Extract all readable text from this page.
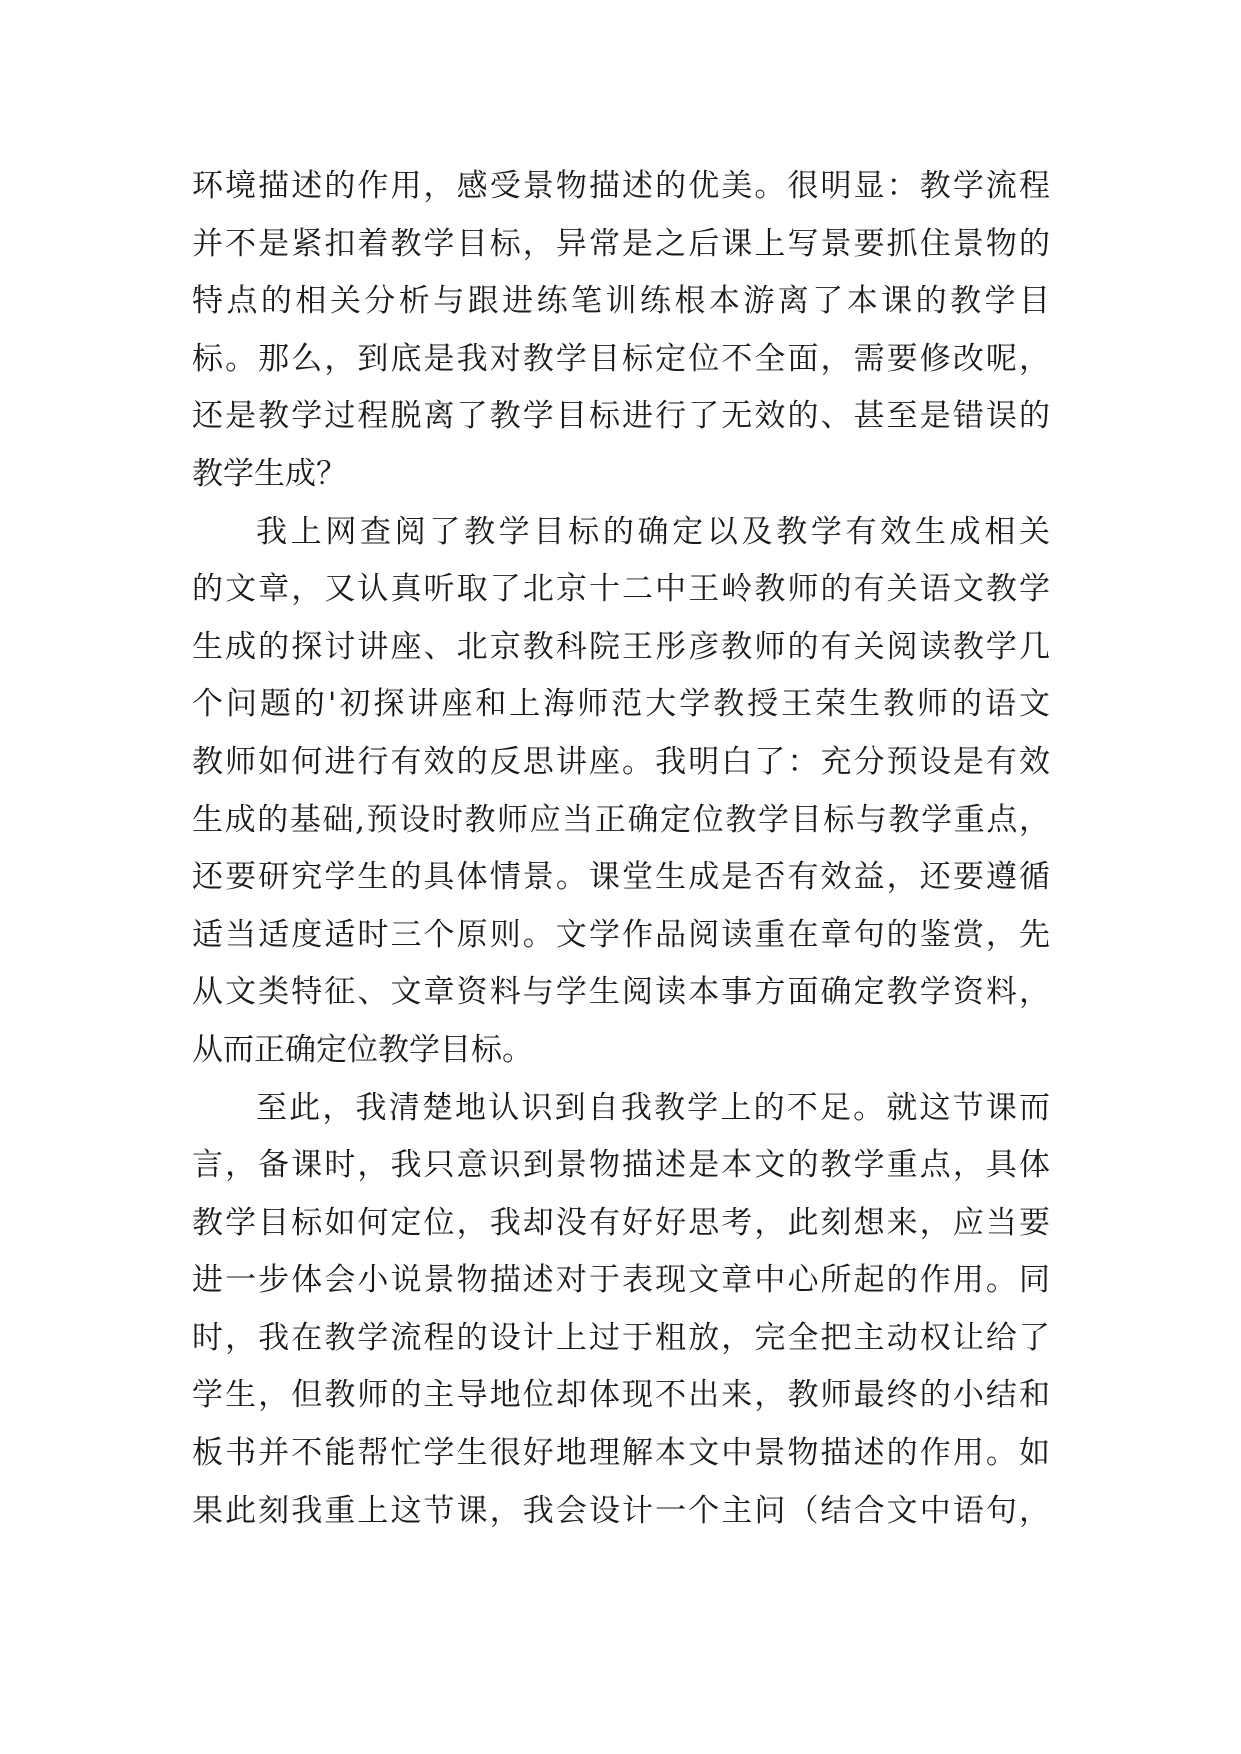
环境描述的作用，感受景物描述的优美。很明显：教学流程
并不是紧扣着教学目标，异常是之后课上写景要抓住景物的
特点的相关分析与跟进练笔训练根本游离了本课的教学目
标。那么，到底是我对教学目标定位不全面，需要修改呢，
还是教学过程脱离了教学目标进行了无效的、甚至是错误的
教学生成？
我上网查阅了教学目标的确定以及教学有效生成相关
的文章，又认真听取了北京十二中王岭教师的有关语文教学
生成的探讨讲座、北京教科院王彤彦教师的有关阅读教学几
个问题的'初探讲座和上海师范大学教授王荣生教师的语文
教师如何进行有效的反思讲座。我明白了：充分预设是有效
生成的基础,预设时教师应当正确定位教学目标与教学重点，
还要研究学生的具体情景。课堂生成是否有效益，还要遵循
适当适度适时三个原则。文学作品阅读重在章句的鉴赏，先
从文类特征、文章资料与学生阅读本事方面确定教学资料，
从而正确定位教学目标。
至此，我清楚地认识到自我教学上的不足。就这节课而
言，备课时，我只意识到景物描述是本文的教学重点，具体
教学目标如何定位，我却没有好好思考，此刻想来，应当要
进一步体会小说景物描述对于表现文章中心所起的作用。同
时，我在教学流程的设计上过于粗放，完全把主动权让给了
学生，但教师的主导地位却体现不出来，教师最终的小结和
板书并不能帮忙学生很好地理解本文中景物描述的作用。如
果此刻我重上这节课，我会设计一个主问（结合文中语句，
